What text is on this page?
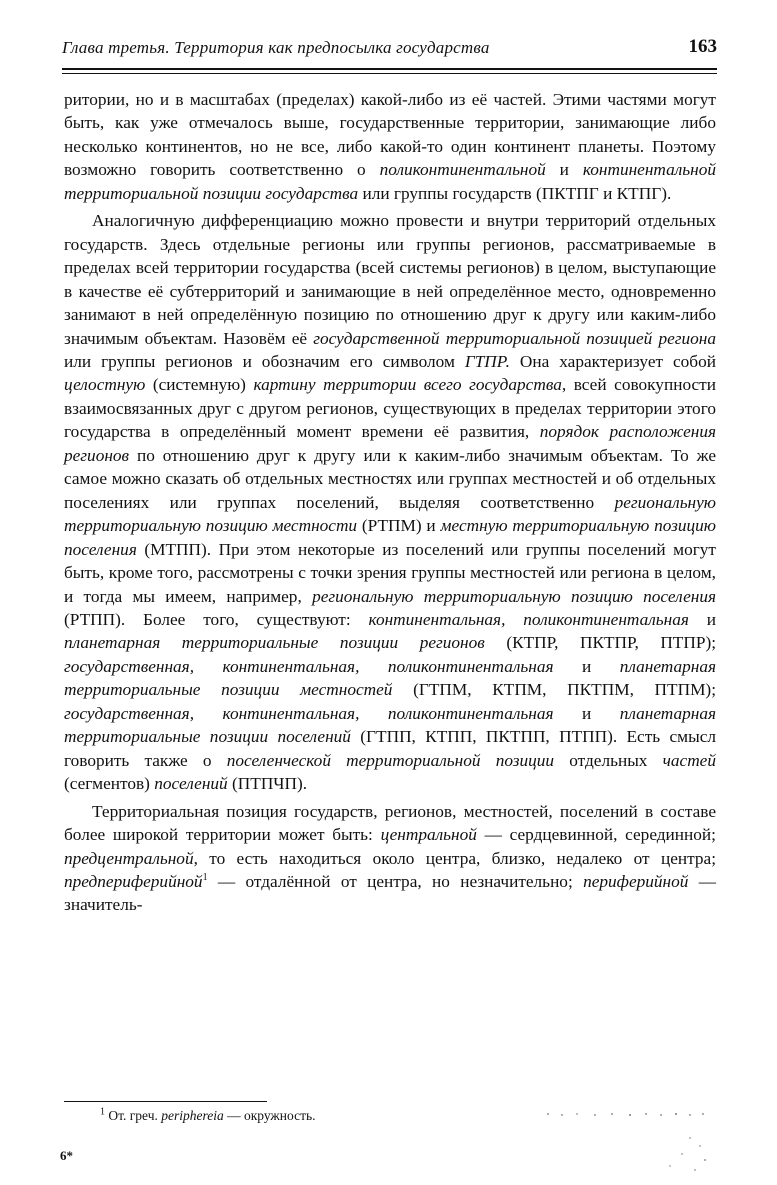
Глава третья. Территория как предпосылка государства	163

ритории, но и в масштабах (пределах) какой-либо из её частей. Этими частями могут быть, как уже отмечалось выше, государственные территории, занимающие либо несколько континентов, но не все, либо какой-то один континент планеты. Поэтому возможно говорить соответственно о поликонтинентальной и континентальной территориальной позиции государства или группы государств (ПКТПГ и КТПГ).

Аналогичную дифференциацию можно провести и внутри территорий отдельных государств. Здесь отдельные регионы или группы регионов, рассматриваемые в пределах всей территории государства (всей системы регионов) в целом, выступающие в качестве её субтерриторий и занимающие в ней определённое место, одновременно занимают в ней определённую позицию по отношению друг к другу или каким-либо значимым объектам. Назовём её государственной территориальной позицией региона или группы регионов и обозначим его символом ГТПР. Она характеризует собой целостную (системную) картину территории всего государства, всей совокупности взаимосвязанных друг с другом регионов, существующих в пределах территории этого государства в определённый момент времени её развития, порядок расположения регионов по отношению друг к другу или к каким-либо значимым объектам. То же самое можно сказать об отдельных местностях или группах местностей и об отдельных поселениях или группах поселений, выделяя соответственно региональную территориальную позицию местности (РТПМ) и местную территориальную позицию поселения (МТПП). При этом некоторые из поселений или группы поселений могут быть, кроме того, рассмотрены с точки зрения группы местностей или региона в целом, и тогда мы имеем, например, региональную территориальную позицию поселения (РТПП). Более того, существуют: континентальная, поликонтинентальная и планетарная территориальные позиции регионов (КТПР, ПКТПР, ПТПР); государственная, континентальная, поликонтинентальная и планетарная территориальные позиции местностей (ГТПМ, КТПМ, ПКТПМ, ПТПМ); государственная, континентальная, поликонтинентальная и планетарная территориальные позиции поселений (ГТПП, КТПП, ПКТПП, ПТПП). Есть смысл говорить также о поселенческой территориальной позиции отдельных частей (сегментов) поселений (ПТПЧП).

Территориальная позиция государств, регионов, местностей, поселений в составе более широкой территории может быть: центральной — сердцевинной, серединной; предцентральной, то есть находиться около центра, близко, недалеко от центра; предпериферийной$^1$ — отдалённой от центра, но незначительно; периферийной — значитель-

$^1$ От. греч. periphereia — окружность.
6*
